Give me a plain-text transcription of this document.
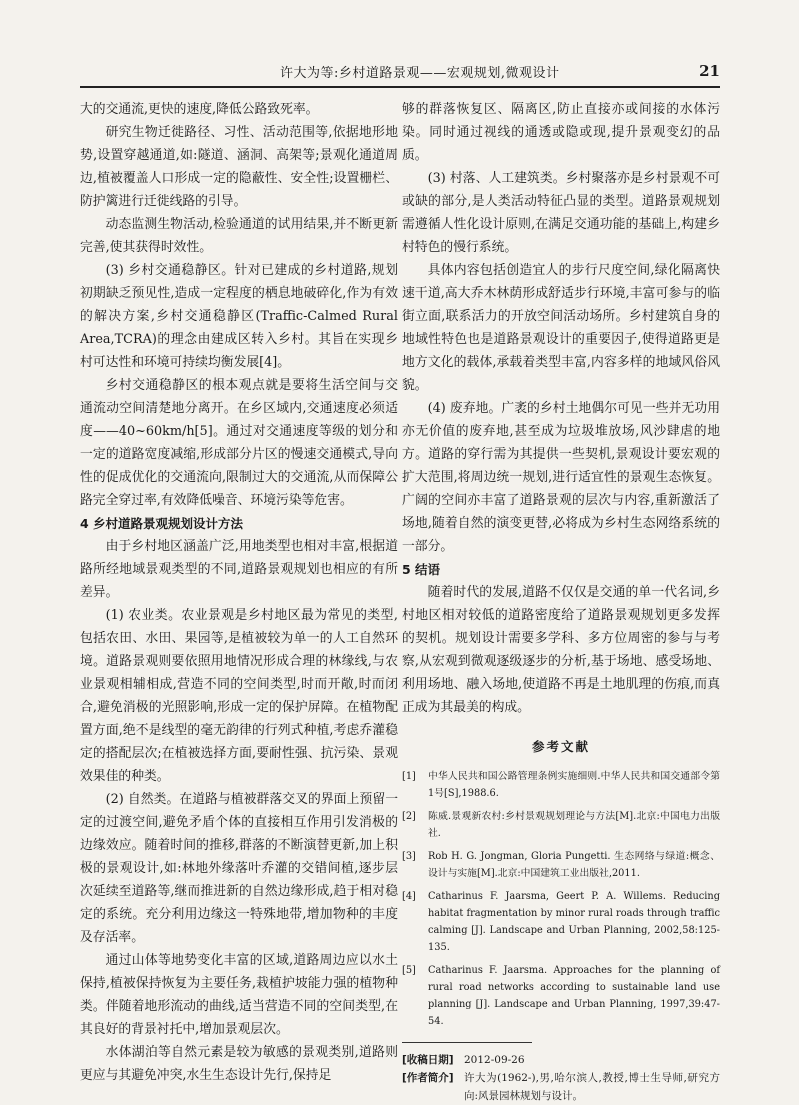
许大为等:乡村道路景观——宏观规划,微观设计	21

大的交通流,更快的速度,降低公路致死率。

研究生物迁徙路径、习性、活动范围等,依据地形地势,设置穿越通道,如:隧道、涵洞、高架等;景观化通道周边,植被覆盖人口形成一定的隐蔽性、安全性;设置栅栏、防护篱进行迁徙线路的引导。

动态监测生物活动,检验通道的试用结果,并不断更新完善,使其获得时效性。

(3) 乡村交通稳静区。针对已建成的乡村道路,规划初期缺乏预见性,造成一定程度的栖息地破碎化,作为有效的解决方案,乡村交通稳静区(Traffic-Calmed Rural Area,TCRA)的理念由建成区转入乡村。其旨在实现乡村可达性和环境可持续均衡发展[4]。

乡村交通稳静区的根本观点就是要将生活空间与交通流动空间清楚地分离开。在乡区域内,交通速度必须适度——40~60km/h[5]。通过对交通速度等级的划分和一定的道路宽度减缩,形成部分片区的慢速交通模式,导向性的促成优化的交通流向,限制过大的交通流,从而保障公路完全穿过率,有效降低噪音、环境污染等危害。

4 乡村道路景观规划设计方法

由于乡村地区涵盖广泛,用地类型也相对丰富,根据道路所经地域景观类型的不同,道路景观规划也相应的有所差异。

(1) 农业类。农业景观是乡村地区最为常见的类型,包括农田、水田、果园等,是植被较为单一的人工自然环境。道路景观则要依照用地情况形成合理的林缘线,与农业景观相辅相成,营造不同的空间类型,时而开敞,时而闭合,避免消极的光照影响,形成一定的保护屏障。在植物配置方面,绝不是线型的毫无韵律的行列式种植,考虑乔灌稳定的搭配层次;在植被选择方面,要耐性强、抗污染、景观效果佳的种类。

(2) 自然类。在道路与植被群落交叉的界面上预留一定的过渡空间,避免矛盾个体的直接相互作用引发消极的边缘效应。随着时间的推移,群落的不断演替更新,加上积极的景观设计,如:林地外缘落叶乔灌的交错间植,逐步层次延续至道路等,继而推进新的自然边缘形成,趋于相对稳定的系统。充分利用边缘这一特殊地带,增加物种的丰度及存活率。

通过山体等地势变化丰富的区域,道路周边应以水土保持,植被保持恢复为主要任务,栽植护坡能力强的植物种类。伴随着地形流动的曲线,适当营造不同的空间类型,在其良好的背景衬托中,增加景观层次。

水体湖泊等自然元素是较为敏感的景观类别,道路则更应与其避免冲突,水生生态设计先行,保持足

够的群落恢复区、隔离区,防止直接亦或间接的水体污染。同时通过视线的通透或隐或现,提升景观变幻的品质。

(3) 村落、人工建筑类。乡村聚落亦是乡村景观不可或缺的部分,是人类活动特征凸显的类型。道路景观规划需遵循人性化设计原则,在满足交通功能的基础上,构建乡村特色的慢行系统。

具体内容包括创造宜人的步行尺度空间,绿化隔离快速干道,高大乔木林荫形成舒适步行环境,丰富可参与的临街立面,联系活力的开放空间活动场所。乡村建筑自身的地域性特色也是道路景观设计的重要因子,使得道路更是地方文化的载体,承载着类型丰富,内容多样的地域风俗风貌。

(4) 废弃地。广袤的乡村土地偶尔可见一些并无功用亦无价值的废弃地,甚至成为垃圾堆放场,风沙肆虐的地方。道路的穿行需为其提供一些契机,景观设计要宏观的扩大范围,将周边统一规划,进行适宜性的景观生态恢复。广阔的空间亦丰富了道路景观的层次与内容,重新激活了场地,随着自然的演变更替,必将成为乡村生态网络系统的一部分。

5 结语

随着时代的发展,道路不仅仅是交通的单一代名词,乡村地区相对较低的道路密度给了道路景观规划更多发挥的契机。规划设计需要多学科、多方位周密的参与与考察,从宏观到微观逐级逐步的分析,基于场地、感受场地、利用场地、融入场地,使道路不再是土地肌理的伤痕,而真正成为其最美的构成。

参考文献
[1]	中华人民共和国公路管理条例实施细则.中华人民共和国交通部令第1号[S],1988.6.
[2]	陈威.景观新农村:乡村景观规划理论与方法[M].北京:中国电力出版社.
[3]	Rob H. G. Jongman, Gloria Pungetti. 生态网络与绿道:概念、设计与实施[M].北京:中国建筑工业出版社,2011.
[4]	Catharinus F. Jaarsma, Geert P. A. Willems. Reducing habitat fragmentation by minor rural roads through traffic calming [J]. Landscape and Urban Planning, 2002,58:125-135.
[5]	Catharinus F. Jaarsma. Approaches for the planning of rural road networks according to sustainable land use planning [J]. Landscape and Urban Planning, 1997,39:47-54.
[收稿日期] 2012-09-26
[作者简介] 许大为(1962-),男,哈尔滨人,教授,博士生导师,研究方向:风景园林规划与设计。
